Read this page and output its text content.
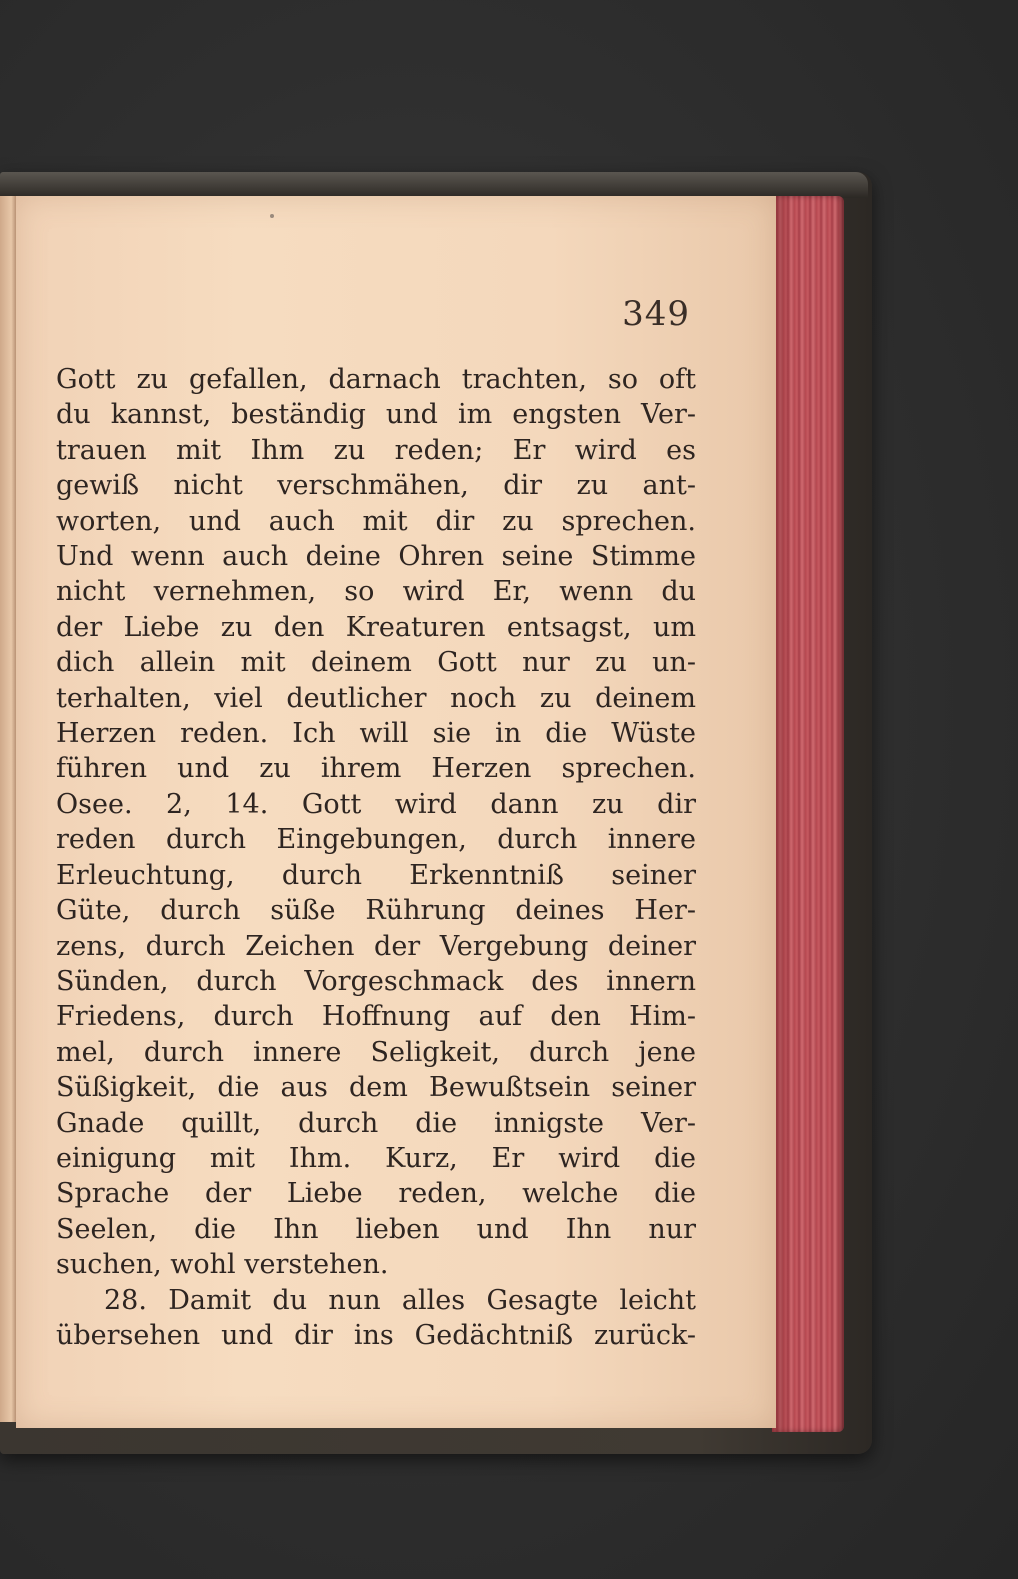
349
Gott zu gefallen, darnach trachten, so oft
du kannst, beständig und im engsten Ver-
trauen mit Ihm zu reden; Er wird es
gewiß nicht verschmähen, dir zu ant-
worten, und auch mit dir zu sprechen.
Und wenn auch deine Ohren seine Stimme
nicht vernehmen, so wird Er, wenn du
der Liebe zu den Kreaturen entsagst, um
dich allein mit deinem Gott nur zu un-
terhalten, viel deutlicher noch zu deinem
Herzen reden. Ich will sie in die Wüste
führen und zu ihrem Herzen sprechen.
Osee. 2, 14. Gott wird dann zu dir
reden durch Eingebungen, durch innere
Erleuchtung, durch Erkenntniß seiner
Güte, durch süße Rührung deines Her-
zens, durch Zeichen der Vergebung deiner
Sünden, durch Vorgeschmack des innern
Friedens, durch Hoffnung auf den Him-
mel, durch innere Seligkeit, durch jene
Süßigkeit, die aus dem Bewußtsein seiner
Gnade quillt, durch die innigste Ver-
einigung mit Ihm. Kurz, Er wird die
Sprache der Liebe reden, welche die
Seelen, die Ihn lieben und Ihn nur
suchen, wohl verstehen.
28. Damit du nun alles Gesagte leicht
übersehen und dir ins Gedächtniß zurück-
